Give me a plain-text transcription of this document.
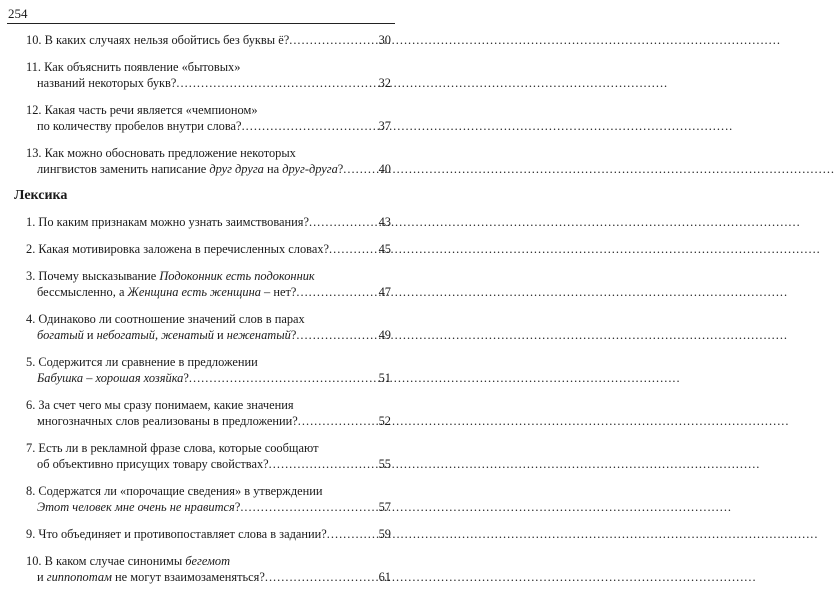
254
10. В каких случаях нельзя обойтись без буквы ё? .....	30
11. Как объяснить появление «бытовых»
названий некоторых букв? .....	32
12. Какая часть речи является «чемпионом»
по количеству пробелов внутри слова? .....	37
13. Как можно обосновать предложение некоторых
лингвистов заменить написание друг друга на друг-друга? .....	40
Лексика
1. По каким признакам можно узнать заимствования? .....	43
2. Какая мотивировка заложена в перечисленных словах? .....	45
3. Почему высказывание Подоконник есть подоконник
бессмысленно, а Женщина есть женщина – нет? .....	47
4. Одинаково ли соотношение значений слов в парах
богатый и небогатый, женатый и неженатый? .....	49
5. Содержится ли сравнение в предложении
Бабушка – хорошая хозяйка? .....	51
6. За счет чего мы сразу понимаем, какие значения
многозначных слов реализованы в предложении? .....	52
7. Есть ли в рекламной фразе слова, которые сообщают
об объективно присущих товару свойствах? .....	55
8. Содержатся ли «порочащие сведения» в утверждении
Этот человек мне очень не нравится? .....	57
9. Что объединяет и противопоставляет слова в задании? .....	59
10. В каком случае синонимы бегемот
и гиппопотам не могут взаимозаменяться? .....	61
